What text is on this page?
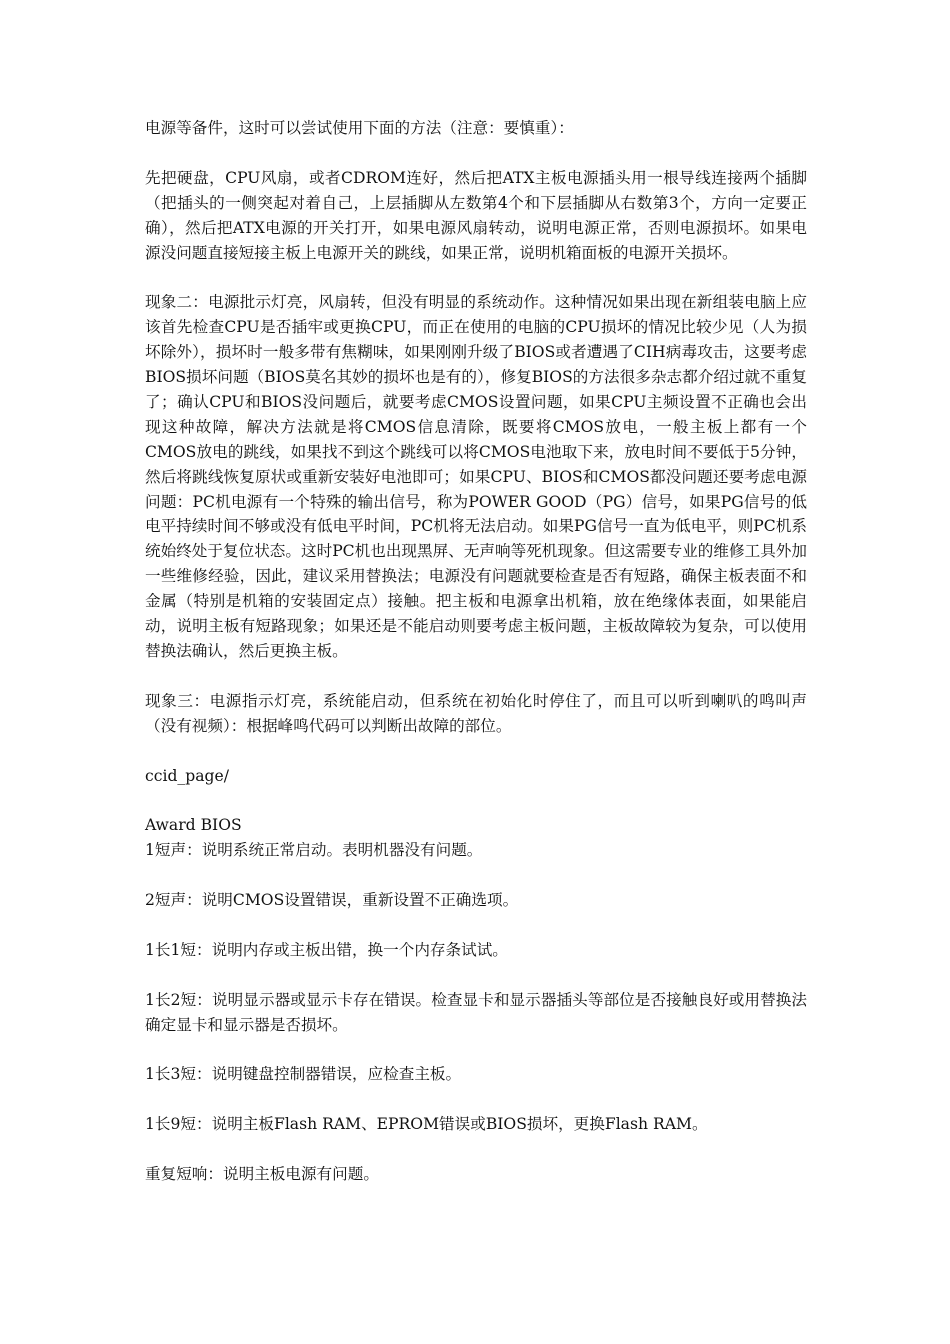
电源等备件，这时可以尝试使用下面的方法（注意：要慎重）：

先把硬盘，CPU风扇，或者CDROM连好，然后把ATX主板电源插头用一根导线连接两个插脚（把插头的一侧突起对着自己，上层插脚从左数第4个和下层插脚从右数第3个，方向一定要正确），然后把ATX电源的开关打开，如果电源风扇转动，说明电源正常，否则电源损坏。如果电源没问题直接短接主板上电源开关的跳线，如果正常，说明机箱面板的电源开关损坏。

现象二：电源批示灯亮，风扇转，但没有明显的系统动作。这种情况如果出现在新组装电脑上应该首先检查CPU是否插牢或更换CPU，而正在使用的电脑的CPU损坏的情况比较少见（人为损坏除外），损坏时一般多带有焦糊味，如果刚刚升级了BIOS或者遭遇了CIH病毒攻击，这要考虑BIOS损坏问题（BIOS莫名其妙的损坏也是有的），修复BIOS的方法很多杂志都介绍过就不重复了；确认CPU和BIOS没问题后，就要考虑CMOS设置问题，如果CPU主频设置不正确也会出现这种故障，解决方法就是将CMOS信息清除，既要将CMOS放电，一般主板上都有一个CMOS放电的跳线，如果找不到这个跳线可以将CMOS电池取下来，放电时间不要低于5分钟，然后将跳线恢复原状或重新安装好电池即可；如果CPU、BIOS和CMOS都没问题还要考虑电源问题：PC机电源有一个特殊的输出信号，称为POWER GOOD（PG）信号，如果PG信号的低电平持续时间不够或没有低电平时间，PC机将无法启动。如果PG信号一直为低电平，则PC机系统始终处于复位状态。这时PC机也出现黑屏、无声响等死机现象。但这需要专业的维修工具外加一些维修经验，因此，建议采用替换法；电源没有问题就要检查是否有短路，确保主板表面不和金属（特别是机箱的安装固定点）接触。把主板和电源拿出机箱，放在绝缘体表面，如果能启动，说明主板有短路现象；如果还是不能启动则要考虑主板问题，主板故障较为复杂，可以使用替换法确认，然后更换主板。

现象三：电源指示灯亮，系统能启动，但系统在初始化时停住了，而且可以听到喇叭的鸣叫声（没有视频）：根据峰鸣代码可以判断出故障的部位。

ccid_page/

Award BIOS

1短声：说明系统正常启动。表明机器没有问题。

2短声：说明CMOS设置错误，重新设置不正确选项。

1长1短：说明内存或主板出错，换一个内存条试试。

1长2短：说明显示器或显示卡存在错误。检查显卡和显示器插头等部位是否接触良好或用替换法确定显卡和显示器是否损坏。

1长3短：说明键盘控制器错误，应检查主板。

1长9短：说明主板Flash RAM、EPROM错误或BIOS损坏，更换Flash RAM。

重复短响：说明主板电源有问题。
